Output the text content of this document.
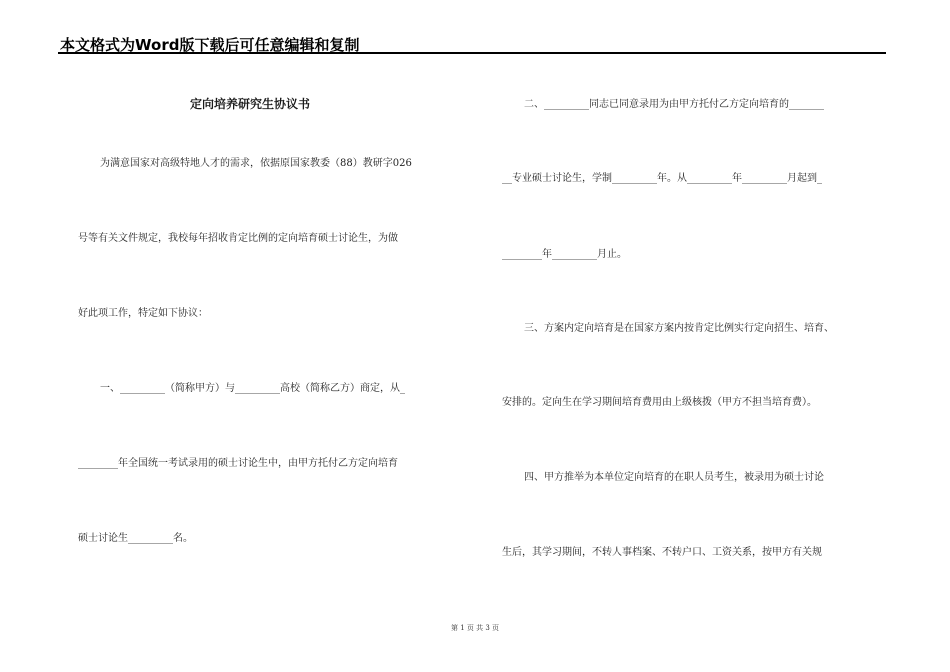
本文格式为Word版下载后可任意编辑和复制
定向培养研究生协议书
为满意国家对高级特地人才的需求，依据原国家教委（88）教研字026
号等有关文件规定，我校每年招收肯定比例的定向培育硕士讨论生，为做
好此项工作，特定如下协议：
一、_________（简称甲方）与_________高校（简称乙方）商定，从_
________年全国统一考试录用的硕士讨论生中，由甲方托付乙方定向培育
硕士讨论生_________名。
二、_________同志已同意录用为由甲方托付乙方定向培育的_______
__专业硕士讨论生，学制_________年。从_________年_________月起到_
________年_________月止。
三、方案内定向培育是在国家方案内按肯定比例实行定向招生、培育、
安排的。定向生在学习期间培育费用由上级核拨（甲方不担当培育费）。
四、甲方推举为本单位定向培育的在职人员考生，被录用为硕士讨论
生后，其学习期间，不转人事档案、不转户口、工资关系，按甲方有关规
第 1 页 共 3 页
